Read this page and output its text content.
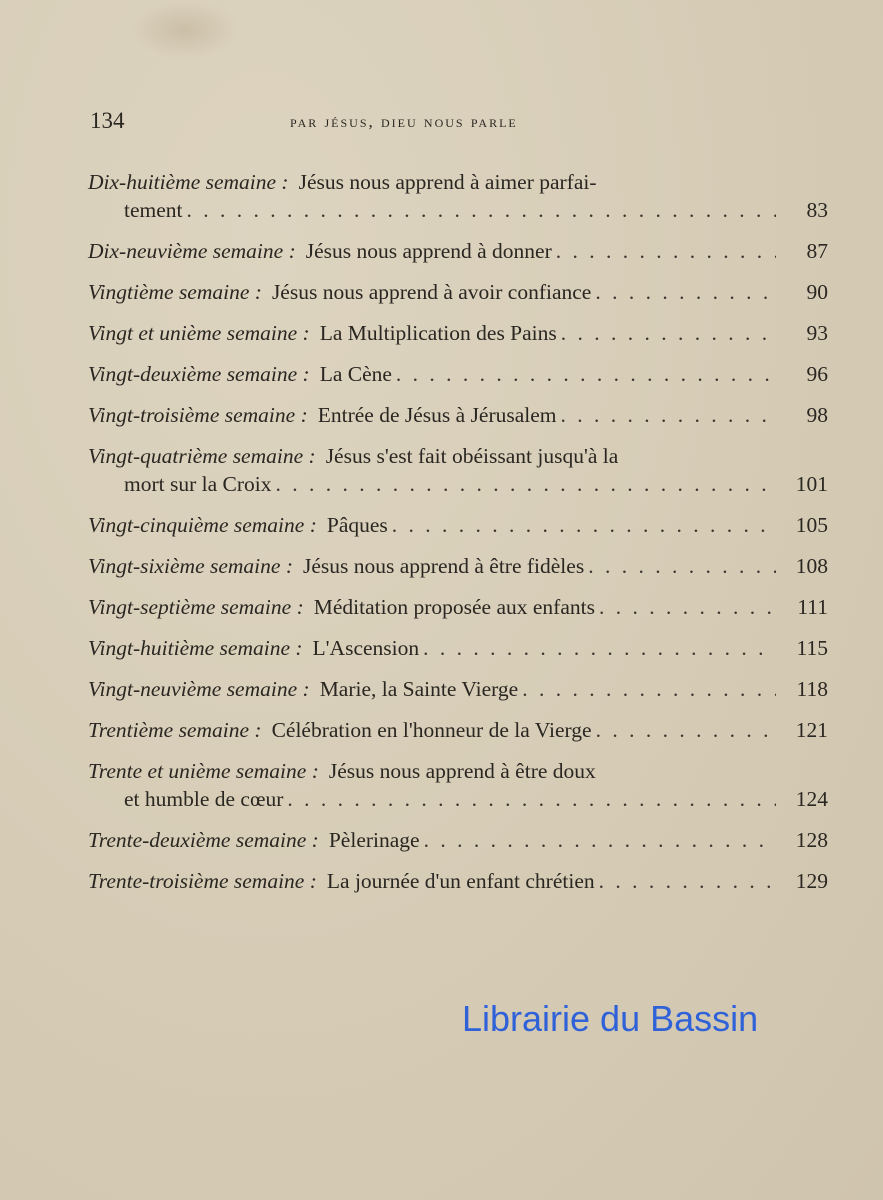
134	par jésus, dieu nous parle
Dix-huitième semaine : Jésus nous apprend à aimer parfai-
tement . . .	83
Dix-neuvième semaine : Jésus nous apprend à donner . . .	87
Vingtième semaine : Jésus nous apprend à avoir confiance . . .	90
Vingt et unième semaine : La Multiplication des Pains . . .	93
Vingt-deuxième semaine : La Cène . . .	96
Vingt-troisième semaine : Entrée de Jésus à Jérusalem . . .	98
Vingt-quatrième semaine : Jésus s'est fait obéissant jusqu'à la
mort sur la Croix . . .	101
Vingt-cinquième semaine : Pâques . . .	105
Vingt-sixième semaine : Jésus nous apprend à être fidèles . . .	108
Vingt-septième semaine : Méditation proposée aux enfants . . .	111
Vingt-huitième semaine : L'Ascension . . .	115
Vingt-neuvième semaine : Marie, la Sainte Vierge . . .	118
Trentième semaine : Célébration en l'honneur de la Vierge . . .	121
Trente et unième semaine : Jésus nous apprend à être doux
et humble de cœur . . .	124
Trente-deuxième semaine : Pèlerinage . . .	128
Trente-troisième semaine : La journée d'un enfant chrétien . . .	129
Librairie du Bassin
